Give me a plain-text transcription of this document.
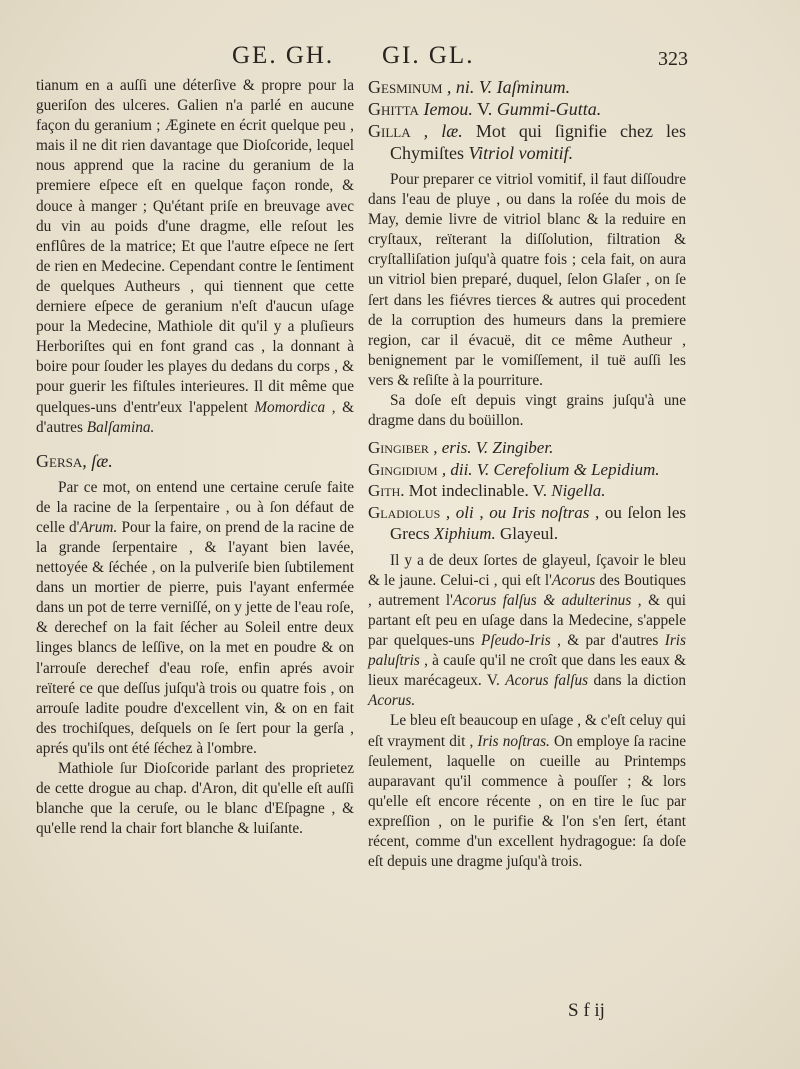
GE. GH. GI. GL.	323

tianum en a auſſi une déterſive & propre pour la gueriſon des ulceres. Galien n'a parlé en aucune façon du geranium ; Æginete en écrit quelque peu , mais il ne dit rien davantage que Dioſcoride, lequel nous apprend que la racine du geranium de la premiere eſpece eſt en quelque façon ronde, & douce à manger ; Qu'étant priſe en breuvage avec du vin au poids d'une dragme, elle reſout les enflûres de la matrice; Et que l'autre eſpece ne ſert de rien en Medecine. Cependant contre le ſentiment de quelques Autheurs , qui tiennent que cette derniere eſpece de geranium n'eſt d'aucun uſage pour la Medecine, Mathiole dit qu'il y a pluſieurs Herboriſtes qui en font grand cas , la donnant à boire pour ſouder les playes du dedans du corps , & pour guerir les fiſtules interieures. Il dit même que quelques-uns d'entr'eux l'appelent Momordica , & d'autres Balſamina.

Gersa, ſæ.

Par ce mot, on entend une certaine ceruſe faite de la racine de la ſerpentaire , ou à ſon défaut de celle d'Arum. Pour la faire, on prend de la racine de la grande ſerpentaire , & l'ayant bien lavée, nettoyée & ſéchée , on la pulveriſe bien ſubtilement dans un mortier de pierre, puis l'ayant enfermée dans un pot de terre verniſſé, on y jette de l'eau roſe, & derechef on la fait ſécher au Soleil entre deux linges blancs de leſſive, on la met en poudre & on l'arrouſe derechef d'eau roſe, enfin aprés avoir reïteré ce que deſſus juſqu'à trois ou quatre fois , on arrouſe ladite poudre d'excellent vin, & on en fait des trochiſques, deſquels on ſe ſert pour la gerſa , aprés qu'ils ont été ſéchez à l'ombre.

Mathiole ſur Dioſcoride parlant des proprietez de cette drogue au chap. d'Aron, dit qu'elle eſt auſſi blanche que la ceruſe, ou le blanc d'Eſpagne , & qu'elle rend la chair fort blanche & luiſante.

Gesminum , ni. V. Iaſminum.

Ghitta Iemou. V. Gummi-Gutta.

Gilla , læ. Mot qui ſignifie chez les Chymiſtes Vitriol vomitif.

Pour preparer ce vitriol vomitif, il faut diſſoudre dans l'eau de pluye , ou dans la roſée du mois de May, demie livre de vitriol blanc & la reduire en cryſtaux, reïterant la diſſolution, filtration & cryſtalliſation juſqu'à quatre fois ; cela fait, on aura un vitriol bien preparé, duquel, ſelon Glaſer , on ſe ſert dans les fiévres tierces & autres qui procedent de la corruption des humeurs dans la premiere region, car il évacuë, dit ce même Autheur , benignement par le vomiſſement, il tuë auſſi les vers & reſiſte à la pourriture.

Sa doſe eſt depuis vingt grains juſqu'à une dragme dans du boüillon.

Gingiber , eris. V. Zingiber.

Gingidium , dii. V. Cerefolium & Lepidium.

Gith. Mot indeclinable. V. Nigella.

Gladiolus , oli , ou Iris noſtras , ou ſelon les Grecs Xiphium. Glayeul.

Il y a de deux ſortes de glayeul, ſçavoir le bleu & le jaune. Celui-ci , qui eſt l'Acorus des Boutiques , autrement l'Acorus falſus & adulterinus , & qui partant eſt peu en uſage dans la Medecine, s'appele par quelques-uns Pſeudo-Iris , & par d'autres Iris paluſtris , à cauſe qu'il ne croît que dans les eaux & lieux marécageux. V. Acorus falſus dans la diction Acorus.

Le bleu eſt beaucoup en uſage , & c'eſt celuy qui eſt vrayment dit , Iris noſtras. On employe ſa racine ſeulement, laquelle on cueille au Printemps auparavant qu'il commence à pouſſer ; & lors qu'elle eſt encore récente , on en tire le ſuc par expreſſion , on le purifie & l'on s'en ſert, étant récent, comme d'un excellent hydragogue: ſa doſe eſt depuis une dragme juſqu'à trois.

S f ij
